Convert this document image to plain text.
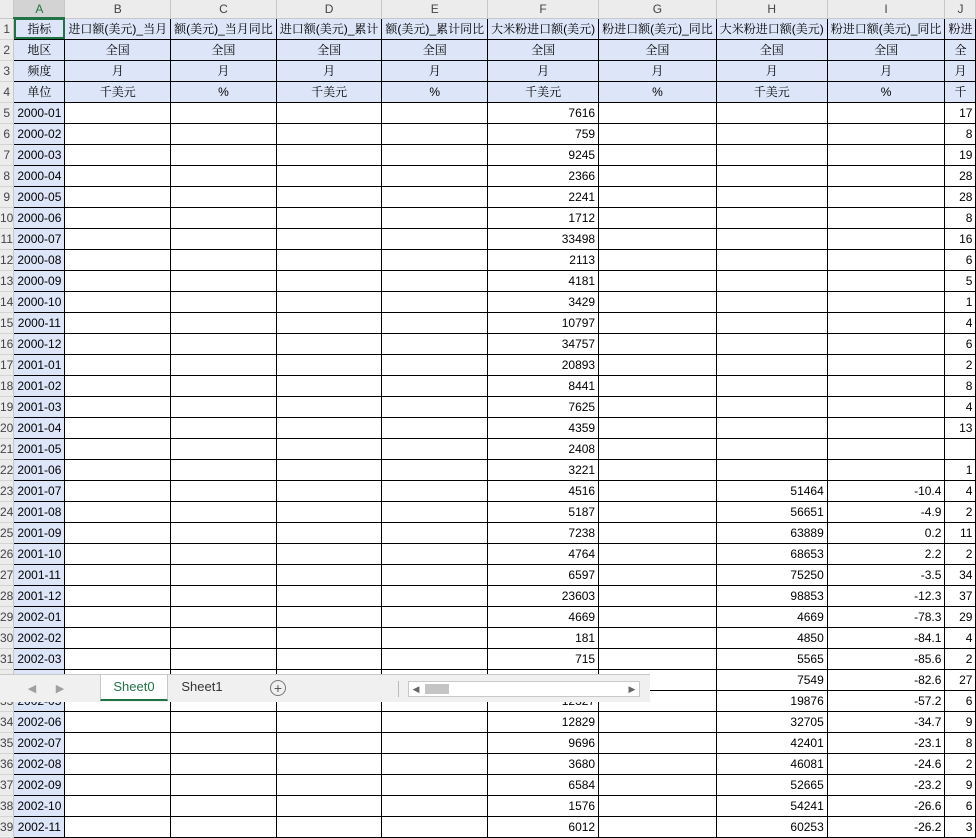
	A	B	C	D	E	F	G	H	I	J
1	指标	进口额(美元)_当月	额(美元)_当月同比	进口额(美元)_累计	额(美元)_累计同比	大米粉进口额(美元)	粉进口额(美元)_同比	大米粉进口额(美元)	粉进口额(美元)_同比	粉进
2	地区	全国	全国	全国	全国	全国	全国	全国	全国	全
3	频度	月	月	月	月	月	月	月	月	月
4	单位	千美元	%	千美元	%	千美元	%	千美元	%	千
5	2000-01					7616				17
6	2000-02					759				8
7	2000-03					9245				19
8	2000-04					2366				28
9	2000-05					2241				28
10	2000-06					1712				8
11	2000-07					33498				16
12	2000-08					2113				6
13	2000-09					4181				5
14	2000-10					3429				1
15	2000-11					10797				4
16	2000-12					34757				6
17	2001-01					20893				2
18	2001-02					8441				8
19	2001-03					7625				4
20	2001-04					4359				13
21	2001-05					2408				
22	2001-06					3221				1
23	2001-07					4516		51464	-10.4	4
24	2001-08					5187		56651	-4.9	2
25	2001-09					7238		63889	0.2	11
26	2001-10					4764		68653	2.2	2
27	2001-11					6597		75250	-3.5	34
28	2001-12					23603		98853	-12.3	37
29	2002-01					4669		4669	-78.3	29
30	2002-02					181		4850	-84.1	4
31	2002-03					715		5565	-85.6	2
								7549	-82.6	27
								19876	-57.2	6
34	2002-06					12829		32705	-34.7	9
35	2002-07					9696		42401	-23.1	8
36	2002-08					3680		46081	-24.6	2
37	2002-09					6584		52665	-23.2	9
38	2002-10					1576		54241	-26.6	6
39	2002-11					6012		60253	-26.2	3
◀	▶	Sheet0	Sheet1	+	◀	▶
